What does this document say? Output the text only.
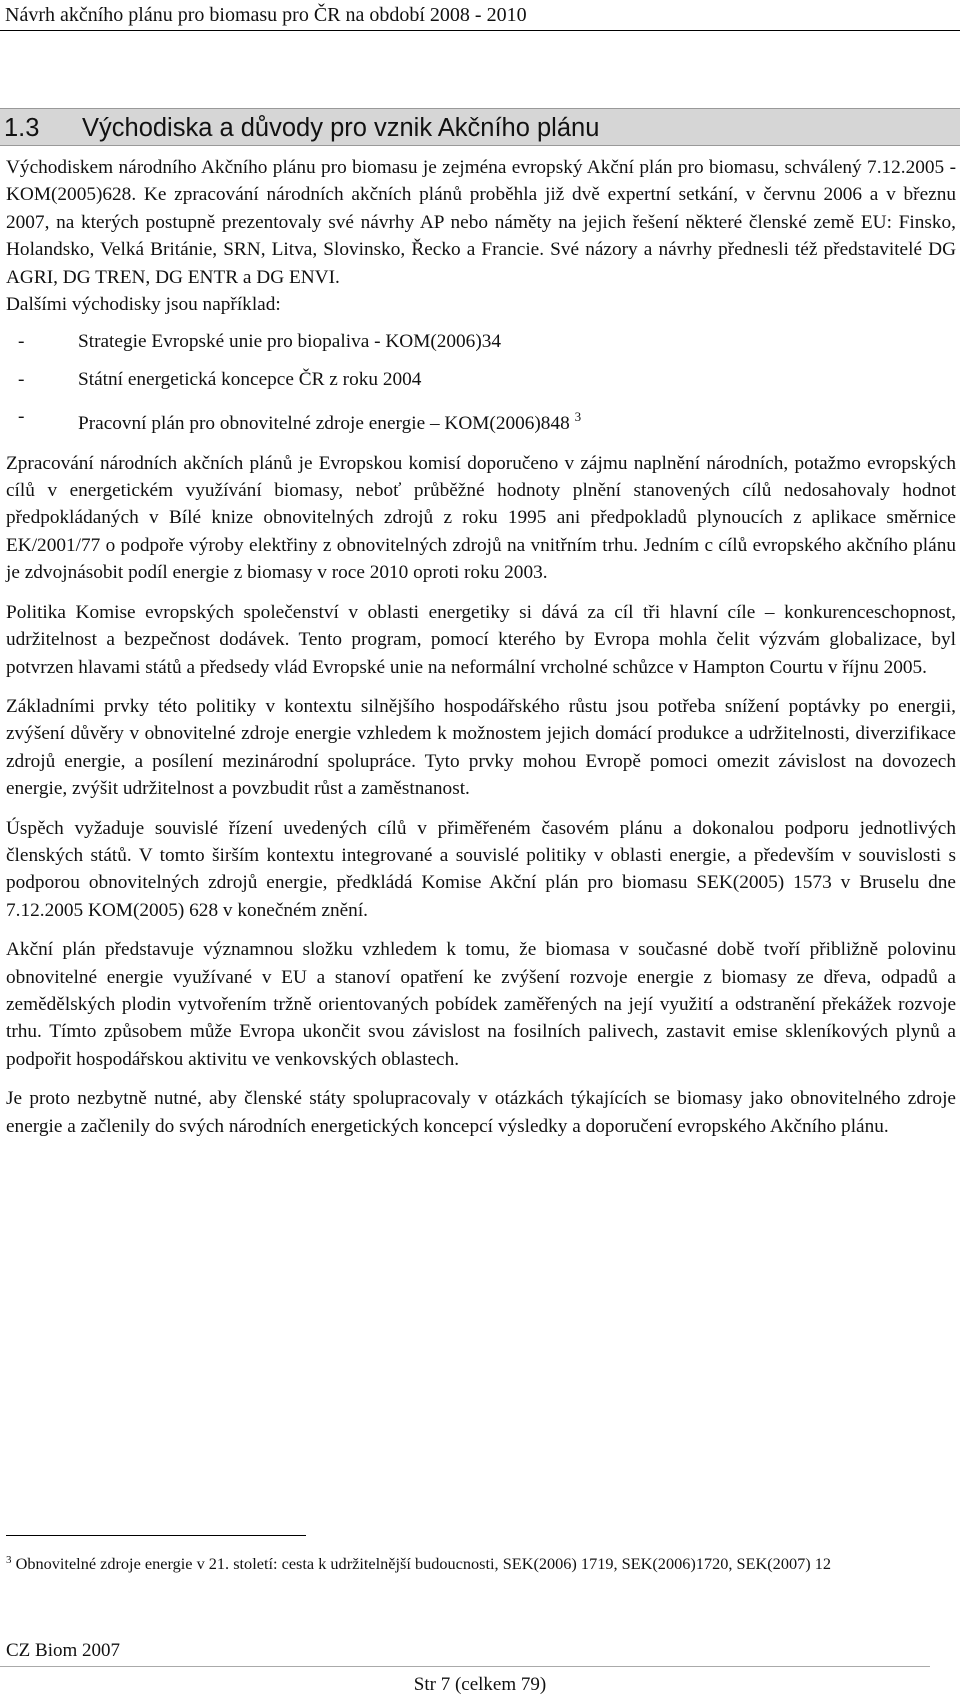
Návrh akčního plánu pro biomasu pro ČR na období 2008 - 2010
1.3 Východiska a důvody pro vznik Akčního plánu

Východiskem národního Akčního plánu pro biomasu je zejména evropský Akční plán pro biomasu, schválený 7.12.2005 - KOM(2005)628. Ke zpracování národních akčních plánů proběhla již dvě expertní setkání, v červnu 2006 a v březnu 2007, na kterých postupně prezentovaly své návrhy AP nebo náměty na jejich řešení některé členské země EU: Finsko, Holandsko, Velká Británie, SRN, Litva, Slovinsko, Řecko a Francie. Své názory a návrhy přednesli též představitelé DG AGRI, DG TREN, DG ENTR a DG ENVI.

Dalšími východisky jsou například:

- Strategie Evropské unie pro biopaliva - KOM(2006)34
- Státní energetická koncepce ČR z roku 2004
- Pracovní plán pro obnovitelné zdroje energie – KOM(2006)848 $^3$

Zpracování národních akčních plánů je Evropskou komisí doporučeno v zájmu naplnění národních, potažmo evropských cílů v energetickém využívání biomasy, neboť průběžné hodnoty plnění stanovených cílů nedosahovaly hodnot předpokládaných v Bílé knize obnovitelných zdrojů z roku 1995 ani předpokladů plynoucích z aplikace směrnice EK/2001/77 o podpoře výroby elektřiny z obnovitelných zdrojů na vnitřním trhu. Jedním c cílů evropského akčního plánu je zdvojnásobit podíl energie z biomasy v roce 2010 oproti roku 2003.

Politika Komise evropských společenství v oblasti energetiky si dává za cíl tři hlavní cíle – konkurenceschopnost, udržitelnost a bezpečnost dodávek. Tento program, pomocí kterého by Evropa mohla čelit výzvám globalizace, byl potvrzen hlavami států a předsedy vlád Evropské unie na neformální vrcholné schůzce v Hampton Courtu v říjnu 2005.

Základními prvky této politiky v kontextu silnějšího hospodářského růstu jsou potřeba snížení poptávky po energii, zvýšení důvěry v obnovitelné zdroje energie vzhledem k možnostem jejich domácí produkce a udržitelnosti, diverzifikace zdrojů energie, a posílení mezinárodní spolupráce. Tyto prvky mohou Evropě pomoci omezit závislost na dovozech energie, zvýšit udržitelnost a povzbudit růst a zaměstnanost.

Úspěch vyžaduje souvislé řízení uvedených cílů v přiměřeném časovém plánu a dokonalou podporu jednotlivých členských států. V tomto širším kontextu integrované a souvislé politiky v oblasti energie, a především v souvislosti s podporou obnovitelných zdrojů energie, předkládá Komise Akční plán pro biomasu SEK(2005) 1573 v Bruselu dne 7.12.2005 KOM(2005) 628 v konečném znění.

Akční plán představuje významnou složku vzhledem k tomu, že biomasa v současné době tvoří přibližně polovinu obnovitelné energie využívané v EU a stanoví opatření ke zvýšení rozvoje energie z biomasy ze dřeva, odpadů a zemědělských plodin vytvořením tržně orientovaných pobídek zaměřených na její využití a odstranění překážek rozvoje trhu. Tímto způsobem může Evropa ukončit svou závislost na fosilních palivech, zastavit emise skleníkových plynů a podpořit hospodářskou aktivitu ve venkovských oblastech.

Je proto nezbytně nutné, aby členské státy spolupracovaly v otázkách týkajících se biomasy jako obnovitelného zdroje energie a začlenily do svých národních energetických koncepcí výsledky a doporučení evropského Akčního plánu.

$^3$ Obnovitelné zdroje energie v 21. století: cesta k udržitelnější budoucnosti, SEK(2006) 1719, SEK(2006)1720, SEK(2007) 12
CZ Biom 2007
Str 7 (celkem 79)
